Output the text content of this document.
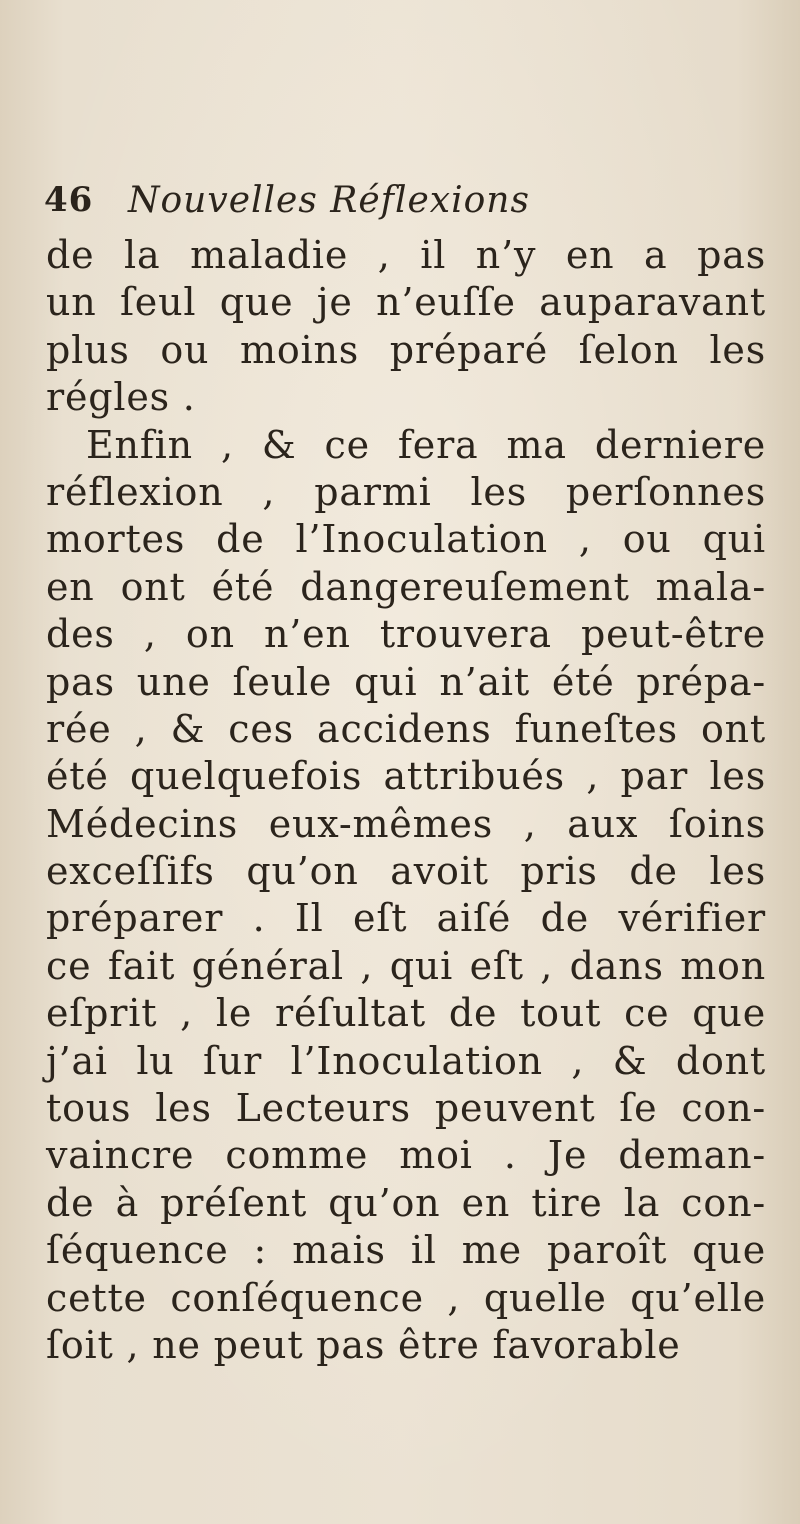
46 Nouvelles Réflexions
de la maladie , il n’y en a pas
un ſeul que je n’euſſe auparavant
plus ou moins préparé ſelon les
régles .
Enfin , & ce fera ma derniere
réflexion , parmi les perſonnes
mortes de l’Inoculation , ou qui
en ont été dangereuſement mala-
des , on n’en trouvera peut-être
pas une ſeule qui n’ait été prépa-
rée , & ces accidens funeſtes ont
été quelquefois attribués , par les
Médecins eux-mêmes , aux ſoins
exceſſifs qu’on avoit pris de les
préparer . Il eſt aiſé de vérifier
ce fait général , qui eſt , dans mon
eſprit , le réſultat de tout ce que
j’ai lu ſur l’Inoculation , & dont
tous les Lecteurs peuvent ſe con-
vaincre comme moi . Je deman-
de à préſent qu’on en tire la con-
ſéquence : mais il me paroît que
cette conſéquence , quelle qu’elle
ſoit , ne peut pas être favorable
